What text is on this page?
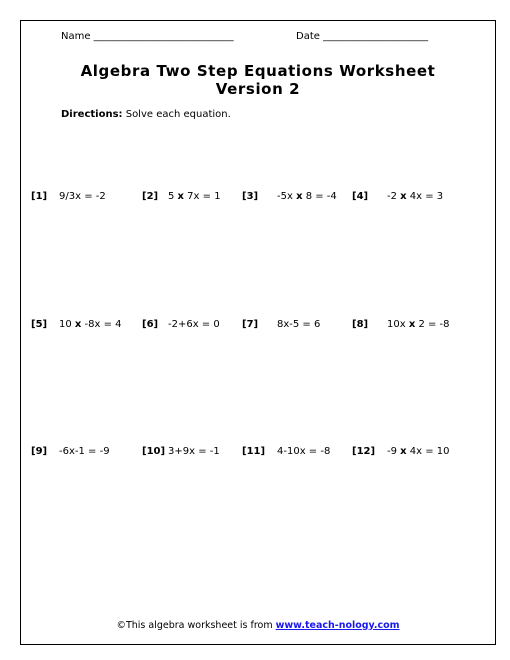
Name ____________________________	Date _____________________
Algebra Two Step Equations Worksheet
Version 2
Directions: Solve each equation.
[1] 9/3x = -2	[2] 5 x 7x = 1 [3] -5x x 8 = -4 [4] -2 x 4x = 3
[5] 10 x -8x = 4 [6] -2+6x = 0 [7] 8x-5 = 6	[8] 10x x 2 = -8
[9] -6x-1 = -9	[10] 3+9x = -1 [11] 4-10x = -8 [12] -9 x 4x = 10
©This algebra worksheet is from www.teach-nology.com
